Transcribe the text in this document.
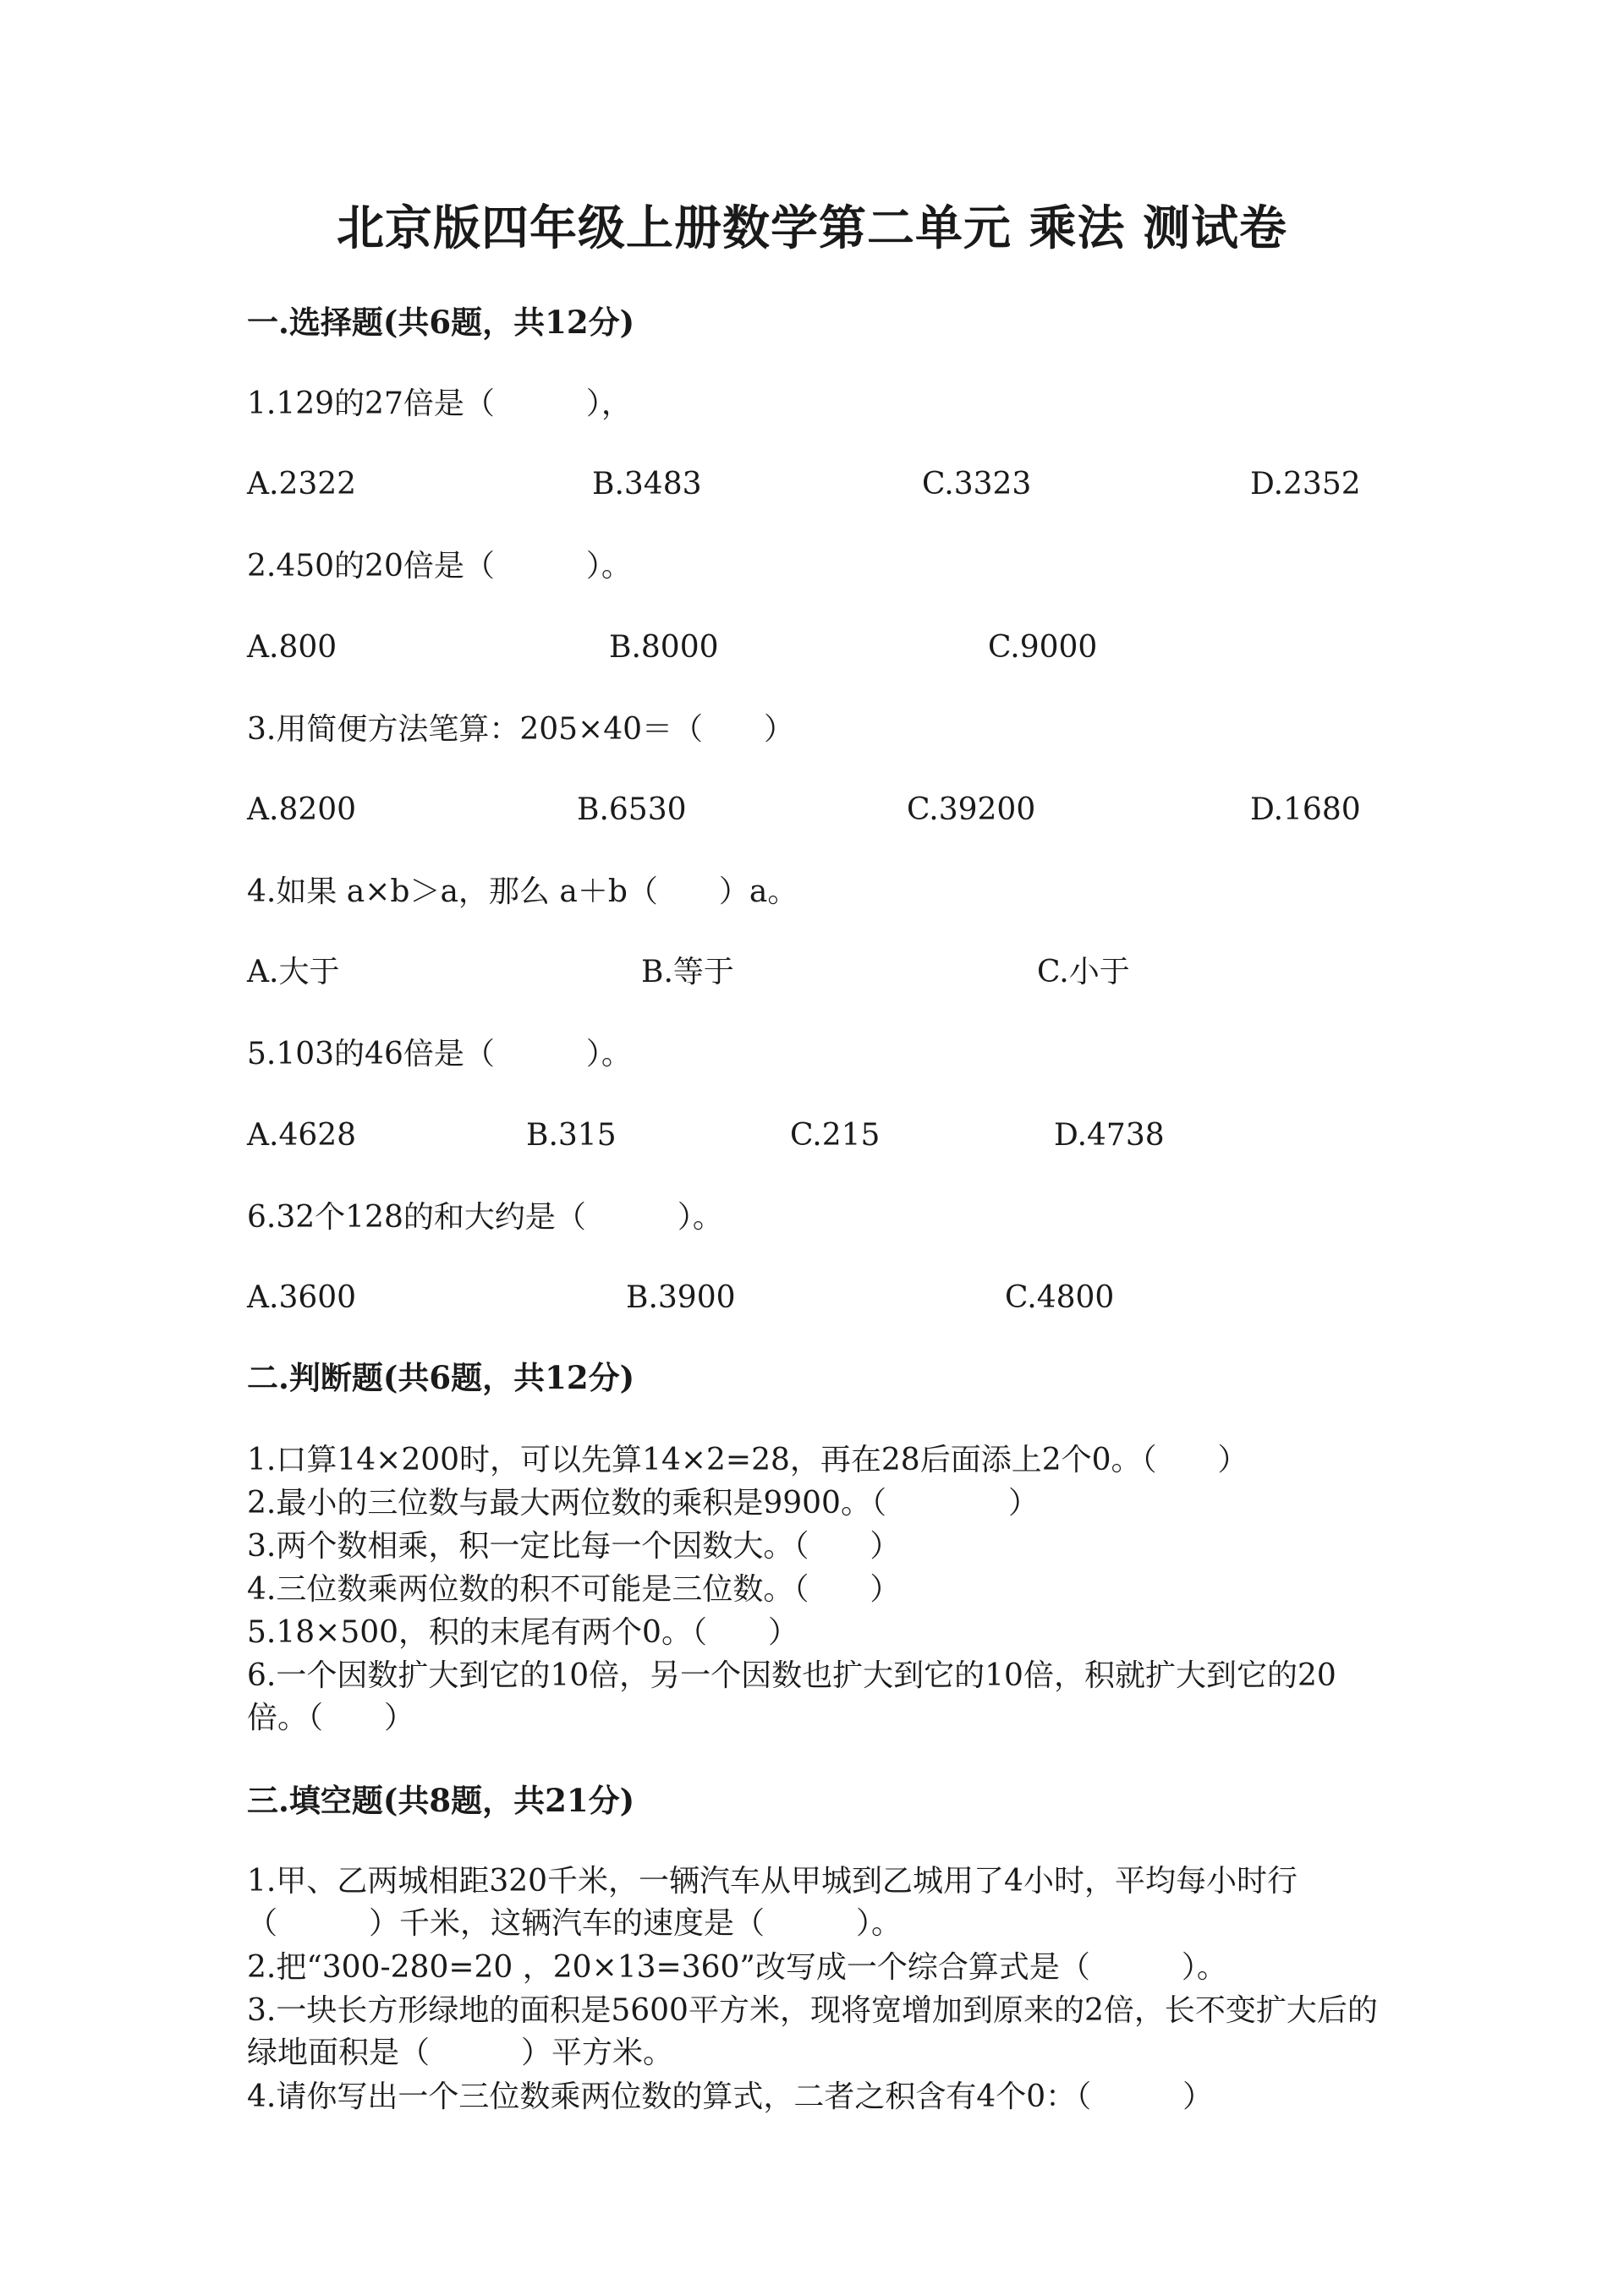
北京版四年级上册数学第二单元 乘法 测试卷
一.选择题(共6题，共12分)
1.129的27倍是（　　　），
A.2322	B.3483	C.3323	D.2352
2.450的20倍是（　　　）。
A.800	B.8000	C.9000
3.用简便方法笔算：205×40＝（　　）
A.8200	B.6530	C.39200	D.1680
4.如果 a×b＞a，那么 a＋b（　　）a。
A.大于	B.等于	C.小于
5.103的46倍是（　　　）。
A.4628	B.315	C.215	D.4738
6.32个128的和大约是（　　　）。
A.3600	B.3900	C.4800
二.判断题(共6题，共12分)
1.口算14×200时，可以先算14×2=28，再在28后面添上2个0。（　　）
2.最小的三位数与最大两位数的乘积是9900。（　　　　）
3.两个数相乘，积一定比每一个因数大。（　　）
4.三位数乘两位数的积不可能是三位数。（　　）
5.18×500，积的末尾有两个0。（　　）
6.一个因数扩大到它的10倍，另一个因数也扩大到它的10倍，积就扩大到它的20倍。（　　）
三.填空题(共8题，共21分)
1.甲、乙两城相距320千米，一辆汽车从甲城到乙城用了4小时，平均每小时行（　　　）千米，这辆汽车的速度是（　　　）。
2.把“300-280=20 ，20×13=360”改写成一个综合算式是（　　　）。
3.一块长方形绿地的面积是5600平方米，现将宽增加到原来的2倍，长不变扩大后的绿地面积是（　　　）平方米。
4.请你写出一个三位数乘两位数的算式，二者之积含有4个0：（　　　）
